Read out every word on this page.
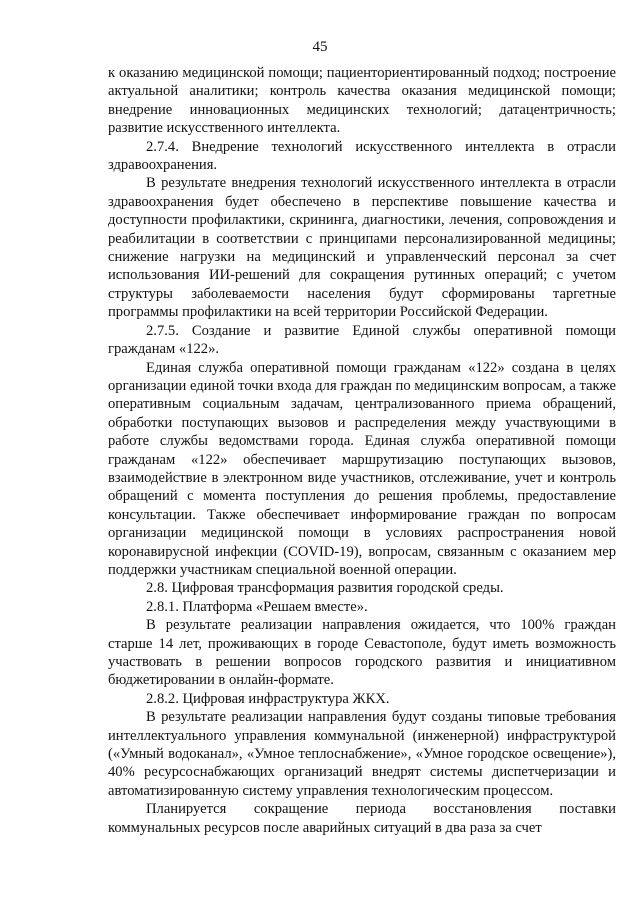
45

к оказанию медицинской помощи; пациенториентированный подход; построение актуальной аналитики; контроль качества оказания медицинской помощи; внедрение инновационных медицинских технологий; датацентричность; развитие искусственного интеллекта.

2.7.4. Внедрение технологий искусственного интеллекта в отрасли здравоохранения.

В результате внедрения технологий искусственного интеллекта в отрасли здравоохранения будет обеспечено в перспективе повышение качества и доступности профилактики, скрининга, диагностики, лечения, сопровождения и реабилитации в соответствии с принципами персонализированной медицины; снижение нагрузки на медицинский и управленческий персонал за счет использования ИИ-решений для сокращения рутинных операций; с учетом структуры заболеваемости населения будут сформированы таргетные программы профилактики на всей территории Российской Федерации.

2.7.5. Создание и развитие Единой службы оперативной помощи гражданам «122».

Единая служба оперативной помощи гражданам «122» создана в целях организации единой точки входа для граждан по медицинским вопросам, а также оперативным социальным задачам, централизованного приема обращений, обработки поступающих вызовов и распределения между участвующими в работе службы ведомствами города. Единая служба оперативной помощи гражданам «122» обеспечивает маршрутизацию поступающих вызовов, взаимодействие в электронном виде участников, отслеживание, учет и контроль обращений с момента поступления до решения проблемы, предоставление консультации. Также обеспечивает информирование граждан по вопросам организации медицинской помощи в условиях распространения новой коронавирусной инфекции (COVID-19), вопросам, связанным с оказанием мер поддержки участникам специальной военной операции.

2.8. Цифровая трансформация развития городской среды.

2.8.1. Платформа «Решаем вместе».

В результате реализации направления ожидается, что 100% граждан старше 14 лет, проживающих в городе Севастополе, будут иметь возможность участвовать в решении вопросов городского развития и инициативном бюджетировании в онлайн-формате.

2.8.2. Цифровая инфраструктура ЖКХ.

В результате реализации направления будут созданы типовые требования интеллектуального управления коммунальной (инженерной) инфраструктурой («Умный водоканал», «Умное теплоснабжение», «Умное городское освещение»), 40% ресурсоснабжающих организаций внедрят системы диспетчеризации и автоматизированную систему управления технологическим процессом.

Планируется сокращение периода восстановления поставки коммунальных ресурсов после аварийных ситуаций в два раза за счет
